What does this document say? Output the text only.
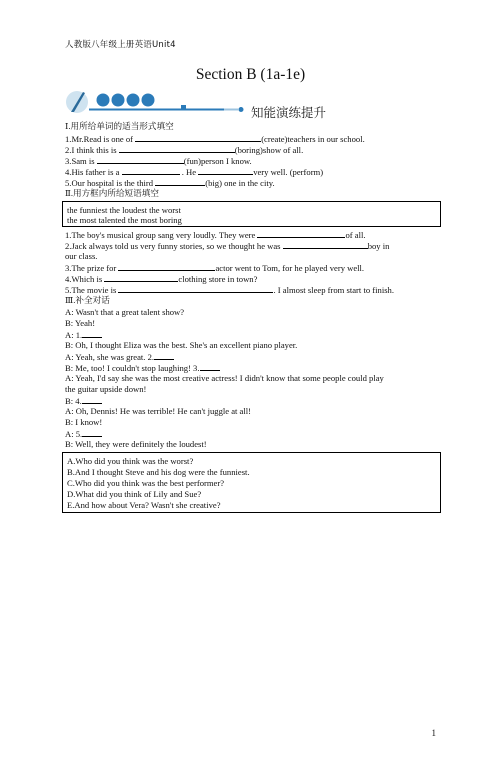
人教版八年级上册英语Unit4
Section B (1a-1e)
知能演练提升
Ⅰ.用所给单词的适当形式填空
1.Mr.Read is one of	(create)teachers in our school.
2.I think this is	(boring)show of all.
3.Sam is	(fun)person I know.
4.His father is a	. He	very well. (perform)
5.Our hospital is the third	(big) one in the city.
Ⅱ.用方框内所给短语填空
the funniest the loudest the worst
the most talented the most boring
1.The boy's musical group sang very loudly. They were	of all.
2.Jack always told us very funny stories, so we thought he was	boy in
our class.
3.The prize for	actor went to Tom, for he played very well.
4.Which is	clothing store in town?
5.The movie is	. I almost sleep from start to finish.
Ⅲ.补全对话
A: Wasn't that a great talent show?
B: Yeah!
A: 1.
B: Oh, I thought Eliza was the best. She's an excellent piano player.
A: Yeah, she was great. 2.
B: Me, too! I couldn't stop laughing! 3.
A: Yeah, I'd say she was the most creative actress! I didn't know that some people could play
the guitar upside down!
B: 4.
A: Oh, Dennis! He was terrible! He can't juggle at all!
B: I know!
A: 5.
B: Well, they were definitely the loudest!
A.Who did you think was the worst?
B.And I thought Steve and his dog were the funniest.
C.Who did you think was the best performer?
D.What did you think of Lily and Sue?
E.And how about Vera? Wasn't she creative?
1
